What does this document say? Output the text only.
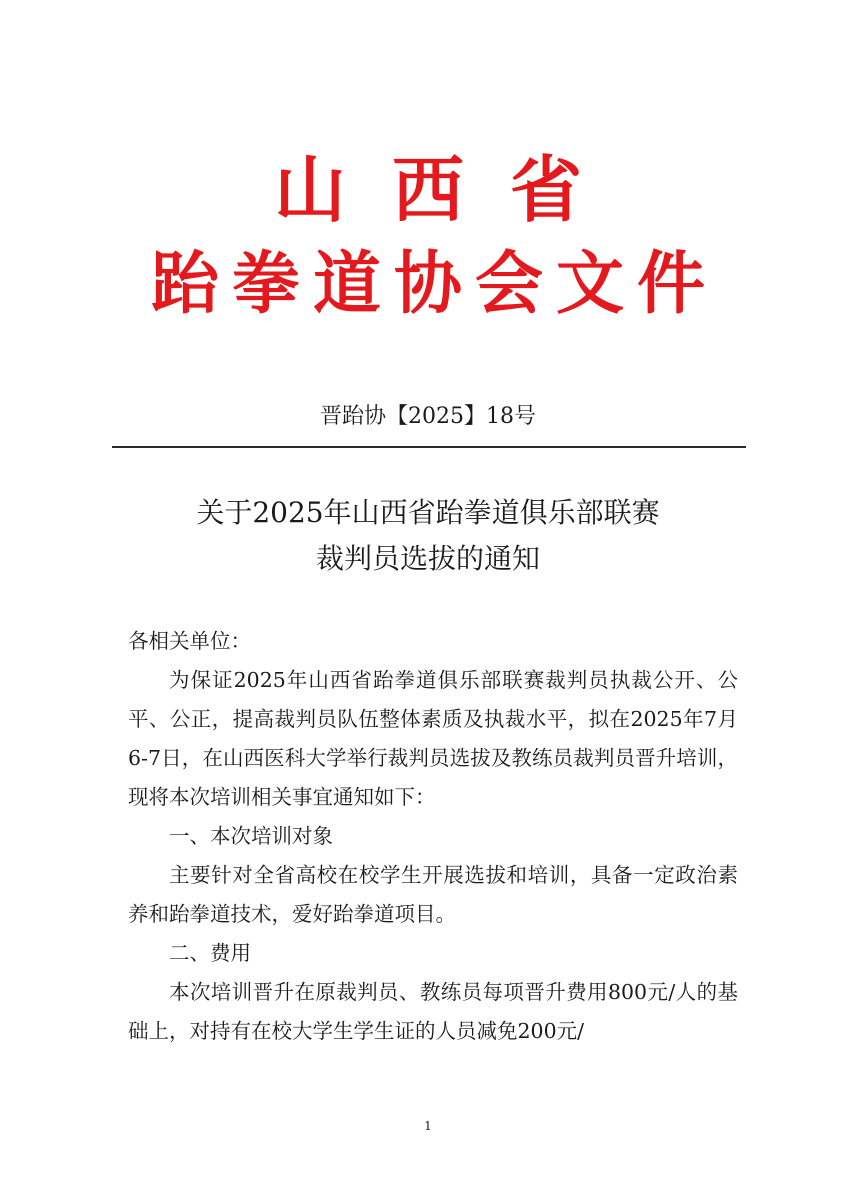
山西省
跆拳道协会文件
晋跆协【2025】18号
关于2025年山西省跆拳道俱乐部联赛
裁判员选拔的通知

各相关单位：

为保证2025年山西省跆拳道俱乐部联赛裁判员执裁公开、公平、公正，提高裁判员队伍整体素质及执裁水平，拟在2025年7月6-7日，在山西医科大学举行裁判员选拔及教练员裁判员晋升培训，现将本次培训相关事宜通知如下：

一、本次培训对象

主要针对全省高校在校学生开展选拔和培训，具备一定政治素养和跆拳道技术，爱好跆拳道项目。

二、费用

本次培训晋升在原裁判员、教练员每项晋升费用800元/人的基础上，对持有在校大学生学生证的人员减免200元/

1
